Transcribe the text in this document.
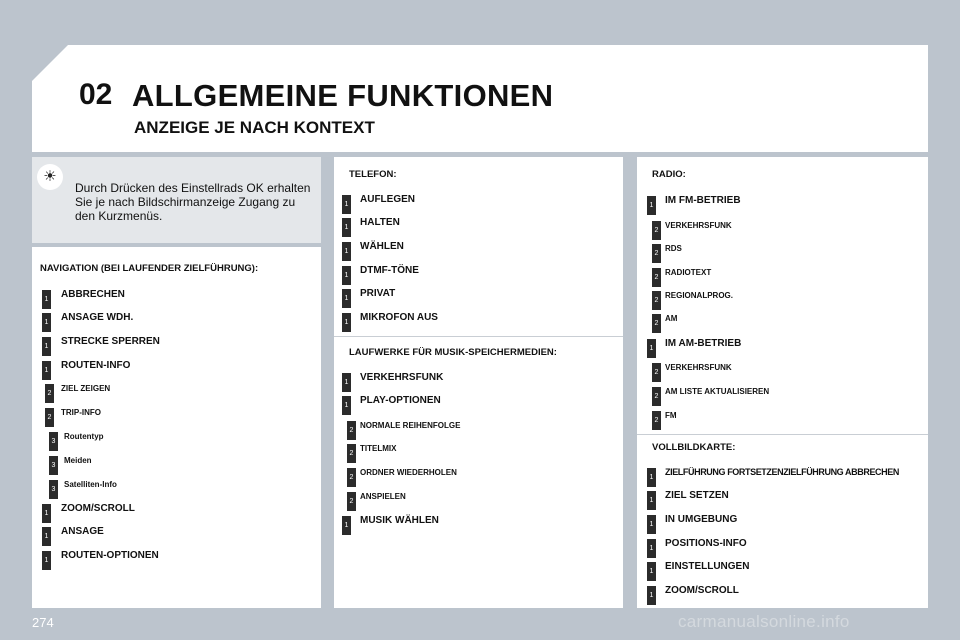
02 ALLGEMEINE FUNKTIONEN
ANZEIGE JE NACH KONTEXT
☀
Durch Drücken des Einstellrads OK erhalten Sie je nach Bildschirmanzeige Zugang zu den Kurzmenüs.
NAVIGATION (BEI LAUFENDER ZIELFÜHRUNG):
1 ABBRECHEN
1 ANSAGE WDH.
1 STRECKE SPERREN
1 ROUTEN-INFO
2
ZIEL ZEIGEN
2
TRIP-INFO
3
Routentyp
3
Meiden
3
Satelliten-Info
1 ZOOM/SCROLL
1 ANSAGE
1 ROUTEN-OPTIONEN
TELEFON:
1 AUFLEGEN
1 HALTEN
1 WÄHLEN
1 DTMF-TÖNE
1 PRIVAT
1 MIKROFON AUS
LAUFWERKE FÜR MUSIK-SPEICHERMEDIEN:
1 VERKEHRSFUNK
1 PLAY-OPTIONEN
2
NORMALE REIHENFOLGE
2
TITELMIX
2
ORDNER WIEDERHOLEN
2
ANSPIELEN
1 MUSIK WÄHLEN
RADIO:
1 IM FM-BETRIEB
2
VERKEHRSFUNK
2
RDS
2
RADIOTEXT
2
REGIONALPROG.
2
AM
1 IM AM-BETRIEB
2
VERKEHRSFUNK
2
AM LISTE AKTUALISIEREN
2
FM
VOLLBILDKARTE:
1
ZIELFÜHRUNG FORTSETZENZIELFÜHRUNG ABBRECHEN
1 ZIEL SETZEN
1 IN UMGEBUNG
1 POSITIONS-INFO
1 EINSTELLUNGEN
1 ZOOM/SCROLL
274	carmanualsonline.info
